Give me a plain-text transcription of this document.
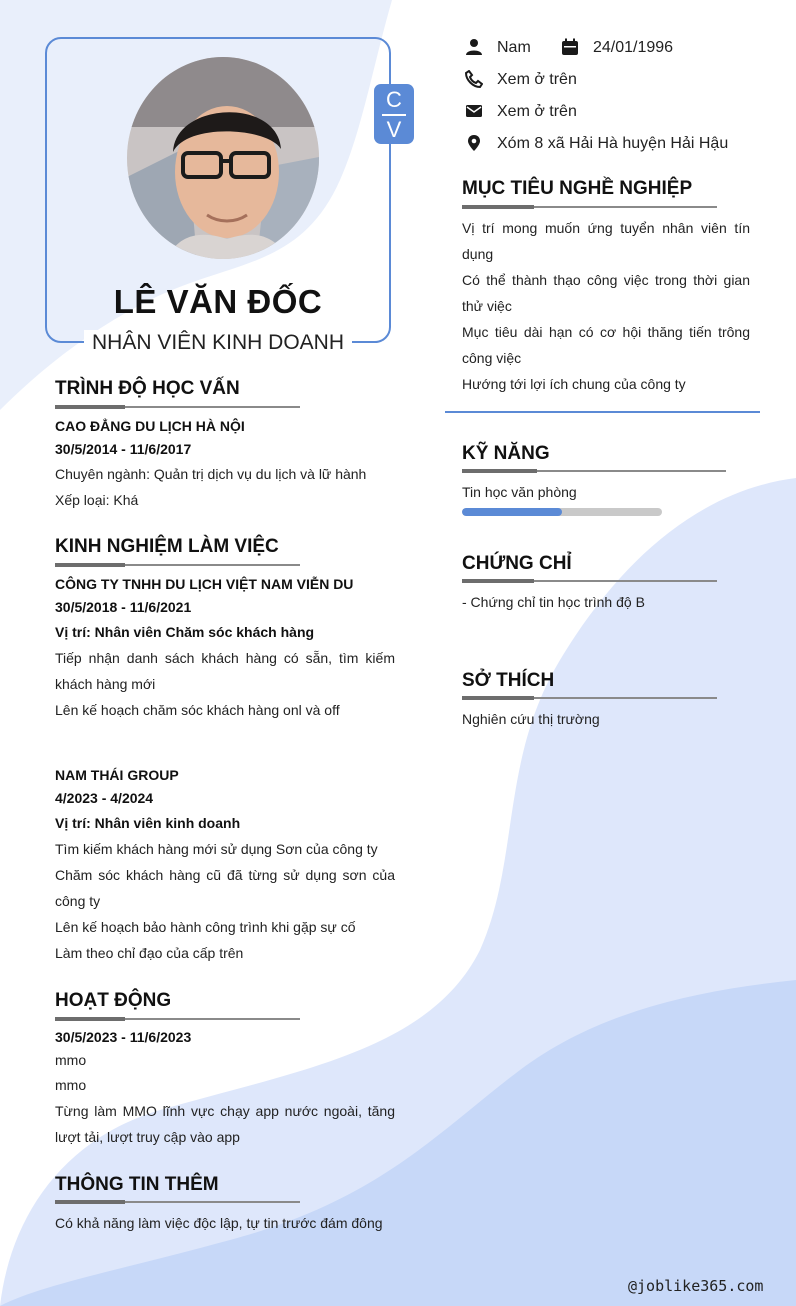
LÊ VĂN ĐỐC
NHÂN VIÊN KINH DOANH
C
V
Nam	24/01/1996
Xem ở trên
Xem ở trên
Xóm 8 xã Hải Hà huyện Hải Hậu
MỤC TIÊU NGHỀ NGHIỆP
Vị trí mong muốn ứng tuyển nhân viên tín dụng
Có thể thành thạo công việc trong thời gian thử việc
Mục tiêu dài hạn có cơ hội thăng tiến trông công việc
Hướng tới lợi ích chung của công ty
KỸ NĂNG
Tin học văn phòng
CHỨNG CHỈ
- Chứng chỉ tin học trình độ B
SỞ THÍCH
Nghiên cứu thị trường
TRÌNH ĐỘ HỌC VẤN
CAO ĐẲNG DU LỊCH HÀ NỘI
30/5/2014 - 11/6/2017
Chuyên ngành: Quản trị dịch vụ du lịch và lữ hành
Xếp loại: Khá
KINH NGHIỆM LÀM VIỆC
CÔNG TY TNHH DU LỊCH VIỆT NAM VIỄN DU
30/5/2018 - 11/6/2021
Vị trí: Nhân viên Chăm sóc khách hàng
Tiếp nhận danh sách khách hàng có sẵn, tìm kiếm khách hàng mới
Lên kế hoạch chăm sóc khách hàng onl và off
NAM THÁI GROUP
4/2023 - 4/2024
Vị trí: Nhân viên kinh doanh
Tìm kiếm khách hàng mới sử dụng Sơn của công ty
Chăm sóc khách hàng cũ đã từng sử dụng sơn của công ty
Lên kế hoạch bảo hành công trình khi gặp sự cố
Làm theo chỉ đạo của cấp trên
HOẠT ĐỘNG
30/5/2023 - 11/6/2023
mmo
mmo
Từng làm MMO lĩnh vực chạy app nước ngoài, tăng lượt tải, lượt truy cập vào app
THÔNG TIN THÊM
Có khả năng làm việc độc lập, tự tin trước đám đông
@joblike365.com
